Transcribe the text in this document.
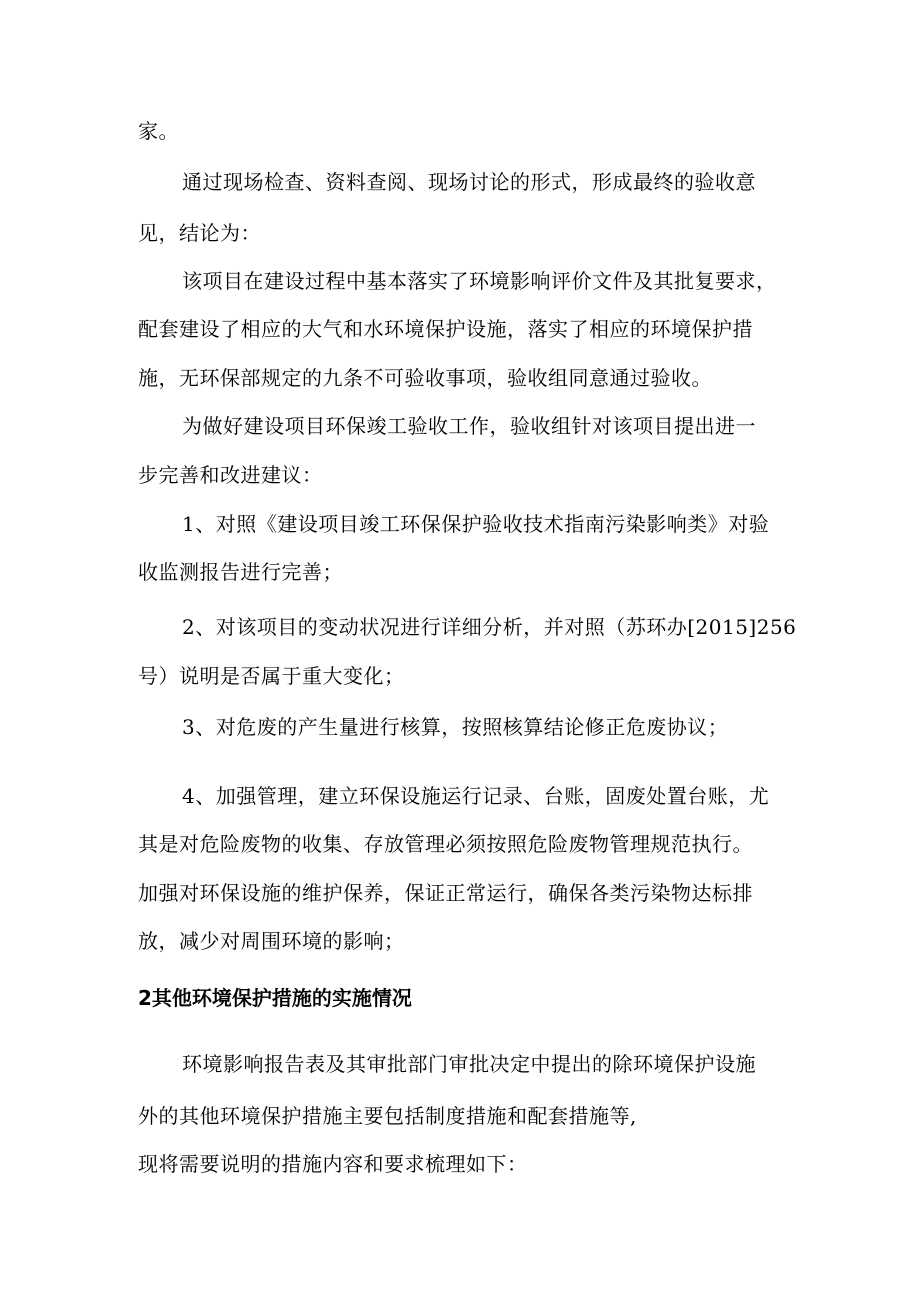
家。
通过现场检查、资料查阅、现场讨论的形式，形成最终的验收意
见，结论为：
该项目在建设过程中基本落实了环境影响评价文件及其批复要求，
配套建设了相应的大气和水环境保护设施，落实了相应的环境保护措
施，无环保部规定的九条不可验收事项，验收组同意通过验收。
为做好建设项目环保竣工验收工作，验收组针对该项目提出进一
步完善和改进建议：
1、对照《建设项目竣工环保保护验收技术指南污染影响类》对验
收监测报告进行完善；
2、对该项目的变动状况进行详细分析，并对照（苏环办[2015]256
号）说明是否属于重大变化；
3、对危废的产生量进行核算，按照核算结论修正危废协议；
4、加强管理，建立环保设施运行记录、台账，固废处置台账，尤
其是对危险废物的收集、存放管理必须按照危险废物管理规范执行。
加强对环保设施的维护保养，保证正常运行，确保各类污染物达标排
放，减少对周围环境的影响；
2其他环境保护措施的实施情况
环境影响报告表及其审批部门审批决定中提出的除环境保护设施
外的其他环境保护措施主要包括制度措施和配套措施等,
现将需要说明的措施内容和要求梳理如下：
